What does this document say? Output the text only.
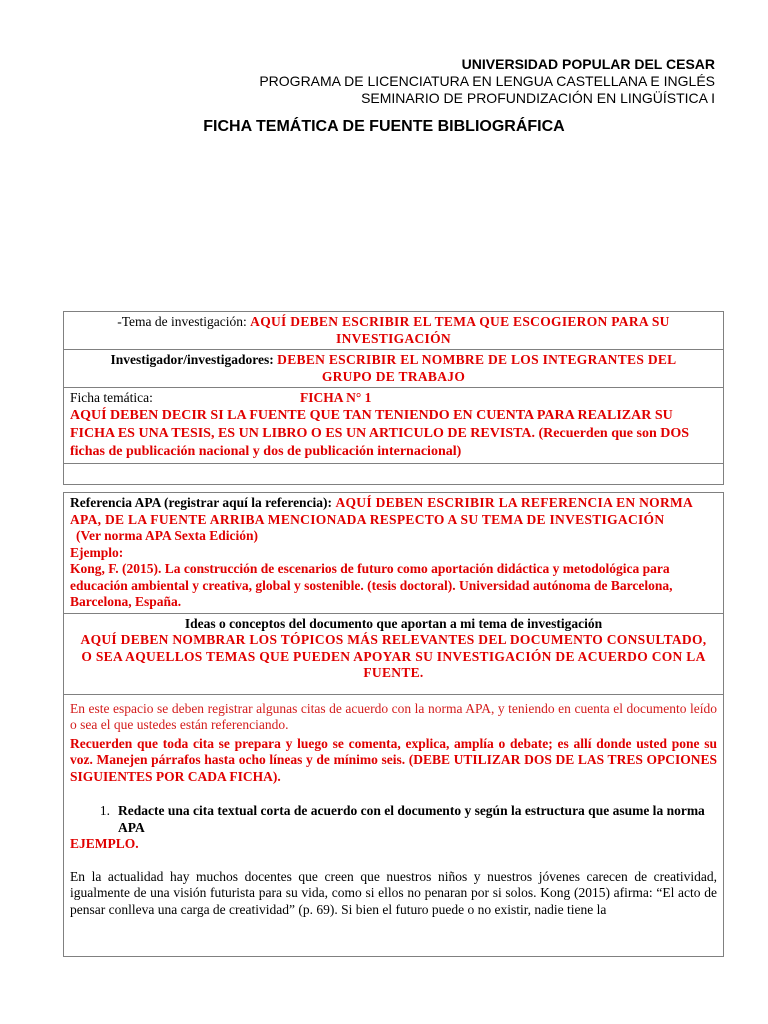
UNIVERSIDAD POPULAR DEL CESAR
PROGRAMA DE LICENCIATURA EN LENGUA CASTELLANA E INGLÉS
SEMINARIO DE PROFUNDIZACIÓN EN LINGÜÍSTICA I
FICHA TEMÁTICA DE FUENTE BIBLIOGRÁFICA
-Tema de investigación: AQUÍ DEBEN ESCRIBIR EL TEMA QUE ESCOGIERON PARA SU INVESTIGACIÓN
Investigador/investigadores: DEBEN ESCRIBIR EL NOMBRE DE LOS INTEGRANTES DEL GRUPO DE TRABAJO
Ficha temática:	FICHA N° 1
AQUÍ DEBEN DECIR SI LA FUENTE QUE TAN TENIENDO EN CUENTA PARA REALIZAR SU FICHA ES UNA TESIS, ES UN LIBRO O ES UN ARTICULO DE REVISTA. (Recuerden que son DOS fichas de publicación nacional y dos de publicación internacional)
Referencia APA (registrar aquí la referencia): AQUÍ DEBEN ESCRIBIR LA REFERENCIA EN NORMA APA, DE LA FUENTE ARRIBA MENCIONADA RESPECTO A SU TEMA DE INVESTIGACIÓN
(Ver norma APA Sexta Edición)
Ejemplo:
Kong, F. (2015). La construcción de escenarios de futuro como aportación didáctica y metodológica para educación ambiental y creativa, global y sostenible. (tesis doctoral). Universidad autónoma de Barcelona, Barcelona, España.
Ideas o conceptos del documento que aportan a mi tema de investigación
AQUÍ DEBEN NOMBRAR LOS TÓPICOS MÁS RELEVANTES DEL DOCUMENTO CONSULTADO, O SEA AQUELLOS TEMAS QUE PUEDEN APOYAR SU INVESTIGACIÓN DE ACUERDO CON LA FUENTE.
En este espacio se deben registrar algunas citas de acuerdo con la norma APA, y teniendo en cuenta el documento leído o sea el que ustedes están referenciando.
Recuerden que toda cita se prepara y luego se comenta, explica, amplía o debate; es allí donde usted pone su voz. Manejen párrafos hasta ocho líneas y de mínimo seis. (DEBE UTILIZAR DOS DE LAS TRES OPCIONES SIGUIENTES POR CADA FICHA).
1. Redacte una cita textual corta de acuerdo con el documento y según la estructura que asume la norma APA
EJEMPLO.
En la actualidad hay muchos docentes que creen que nuestros niños y nuestros jóvenes carecen de creatividad, igualmente de una visión futurista para su vida, como si ellos no penaran por si solos. Kong (2015) afirma: “El acto de pensar conlleva una carga de creatividad” (p. 69). Si bien el futuro puede o no existir, nadie tiene la
